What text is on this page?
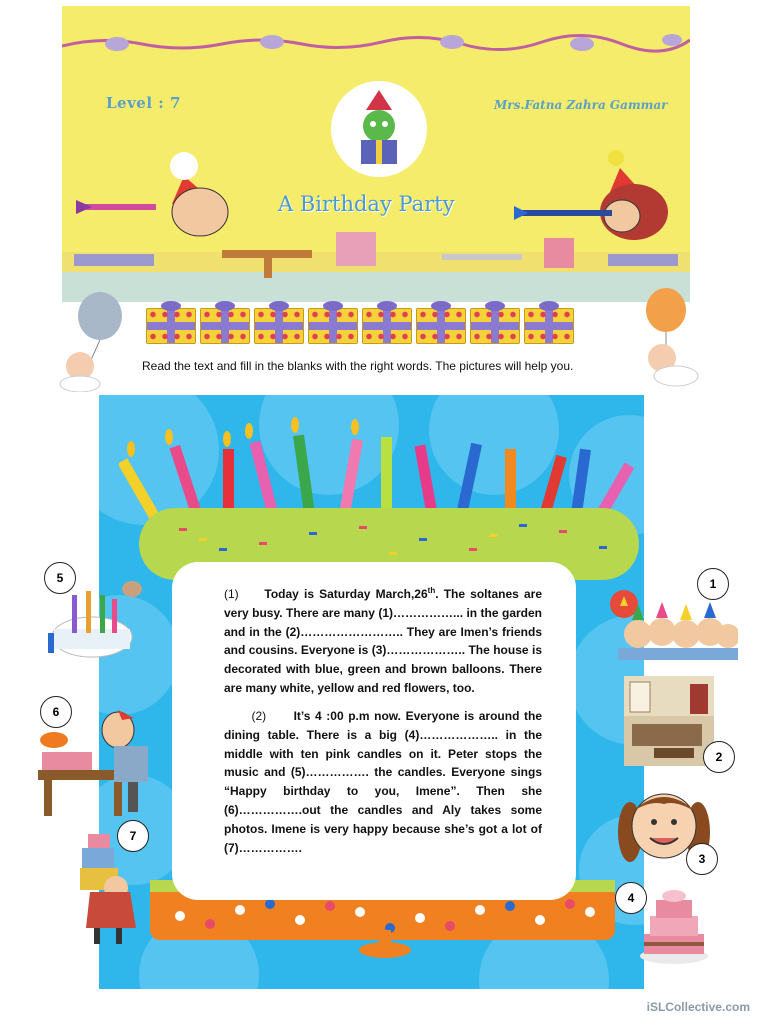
Level : 7	Mrs.Fatna Zahra Gammar
A Birthday Party
Read the text and fill in the blanks with the right words. The pictures will help you.
(1) Today is Saturday March,26th. The soltanes are very busy. There are many (1)……………... in the garden and in the (2)…………………….. They are Imen’s friends and cousins. Everyone is (3)……………….. The house is decorated with blue, green and brown balloons. There are many white, yellow and red flowers, too.
(2) It’s 4 :00 p.m now. Everyone is around the dining table. There is a big (4)……………….. in the middle with ten pink candles on it. Peter stops the music and (5)……………. the candles. Everyone sings “Happy birthday to you, Imene”. Then she (6)…………….out the candles and Aly takes some photos. Imene is very happy because she’s got a lot of (7)…………….
1
2
3
4
5
6
7
iSLCollective.com
